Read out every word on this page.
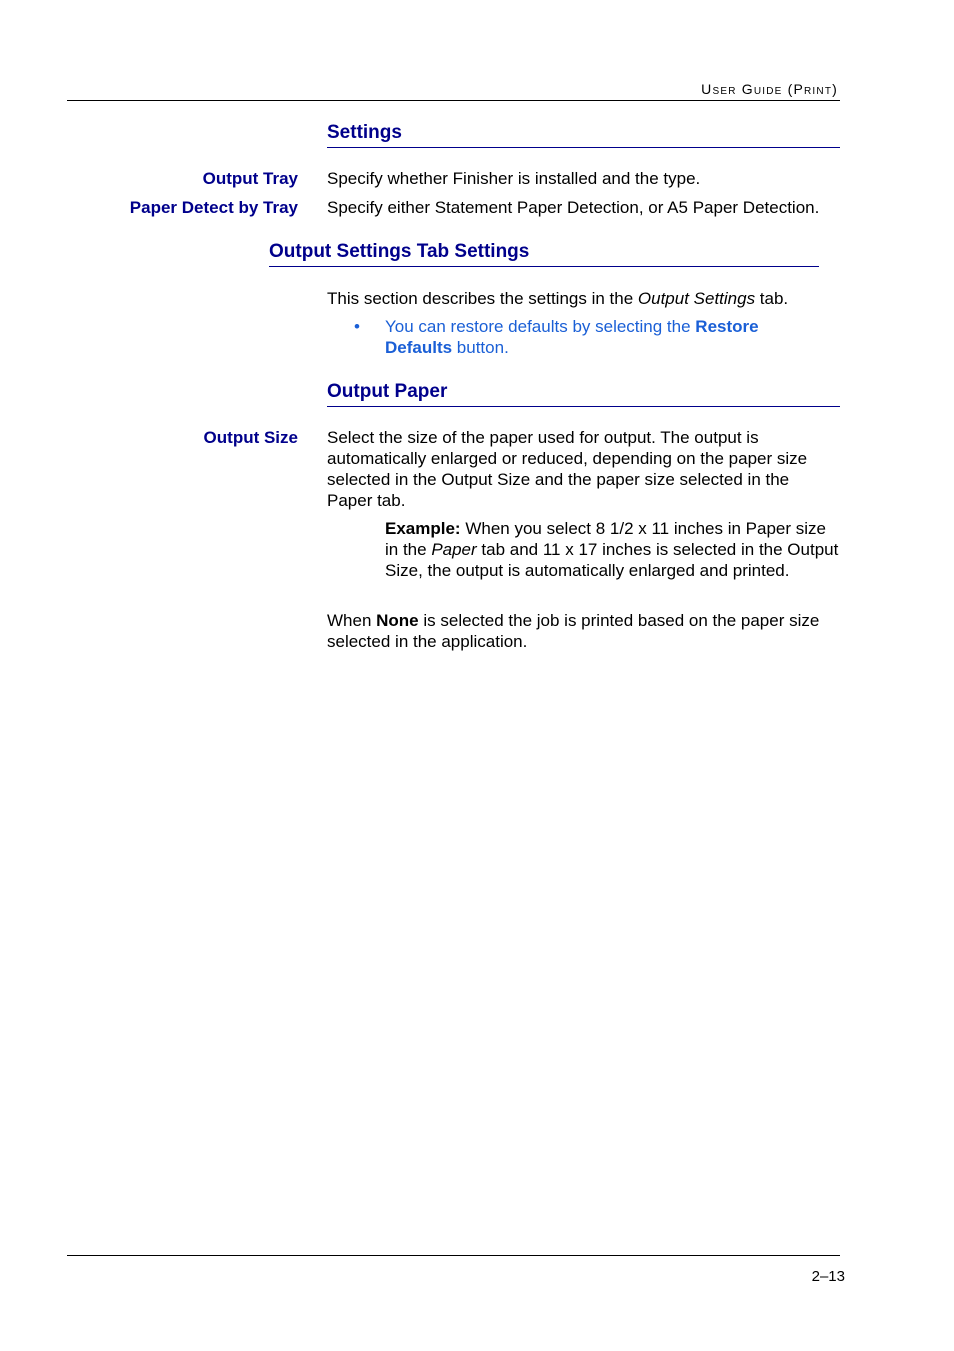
User Guide (Print)
Settings
Output Tray Specify whether Finisher is installed and the type.
Paper Detect by Tray Specify either Statement Paper Detection, or A5 Paper Detection.
Output Settings Tab Settings
This section describes the settings in the Output Settings tab.
• You can restore defaults by selecting the Restore Defaults button.
Output Paper
Output Size Select the size of the paper used for output. The output is automatically enlarged or reduced, depending on the paper size selected in the Output Size and the paper size selected in the Paper tab.
Example: When you select 8 1/2 x 11 inches in Paper size in the Paper tab and 11 x 17 inches is selected in the Output Size, the output is automatically enlarged and printed.
When None is selected the job is printed based on the paper size selected in the application.
2–13
